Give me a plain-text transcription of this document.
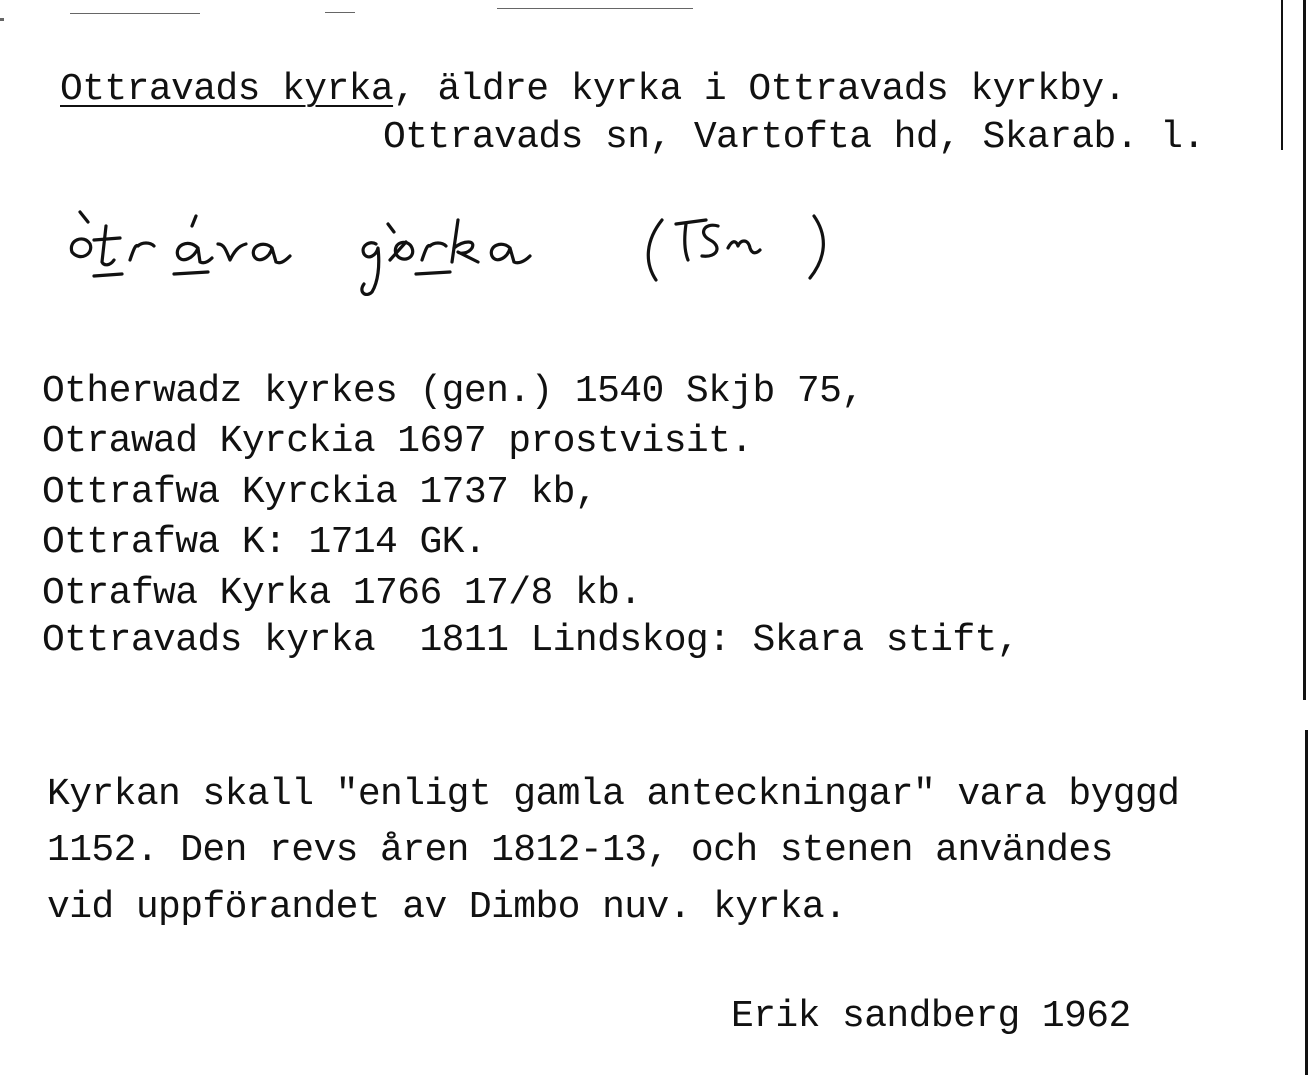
Ottravads kyrka, äldre kyrka i Ottravads kyrkby.
Ottravads sn, Vartofta hd, Skarab. l.
Otherwadz kyrkes (gen.) 1540 Skjb 75,
Otrawad Kyrckia 1697 prostvisit.
Ottrafwa Kyrckia 1737 kb,
Ottrafwa K: 1714 GK.
Otrafwa Kyrka 1766 17/8 kb.
Ottravads kyrka  1811 Lindskog: Skara stift,
Kyrkan skall "enligt gamla anteckningar" vara byggd
1152. Den revs åren 1812-13, och stenen användes
vid uppförandet av Dimbo nuv. kyrka.
Erik sandberg 1962
